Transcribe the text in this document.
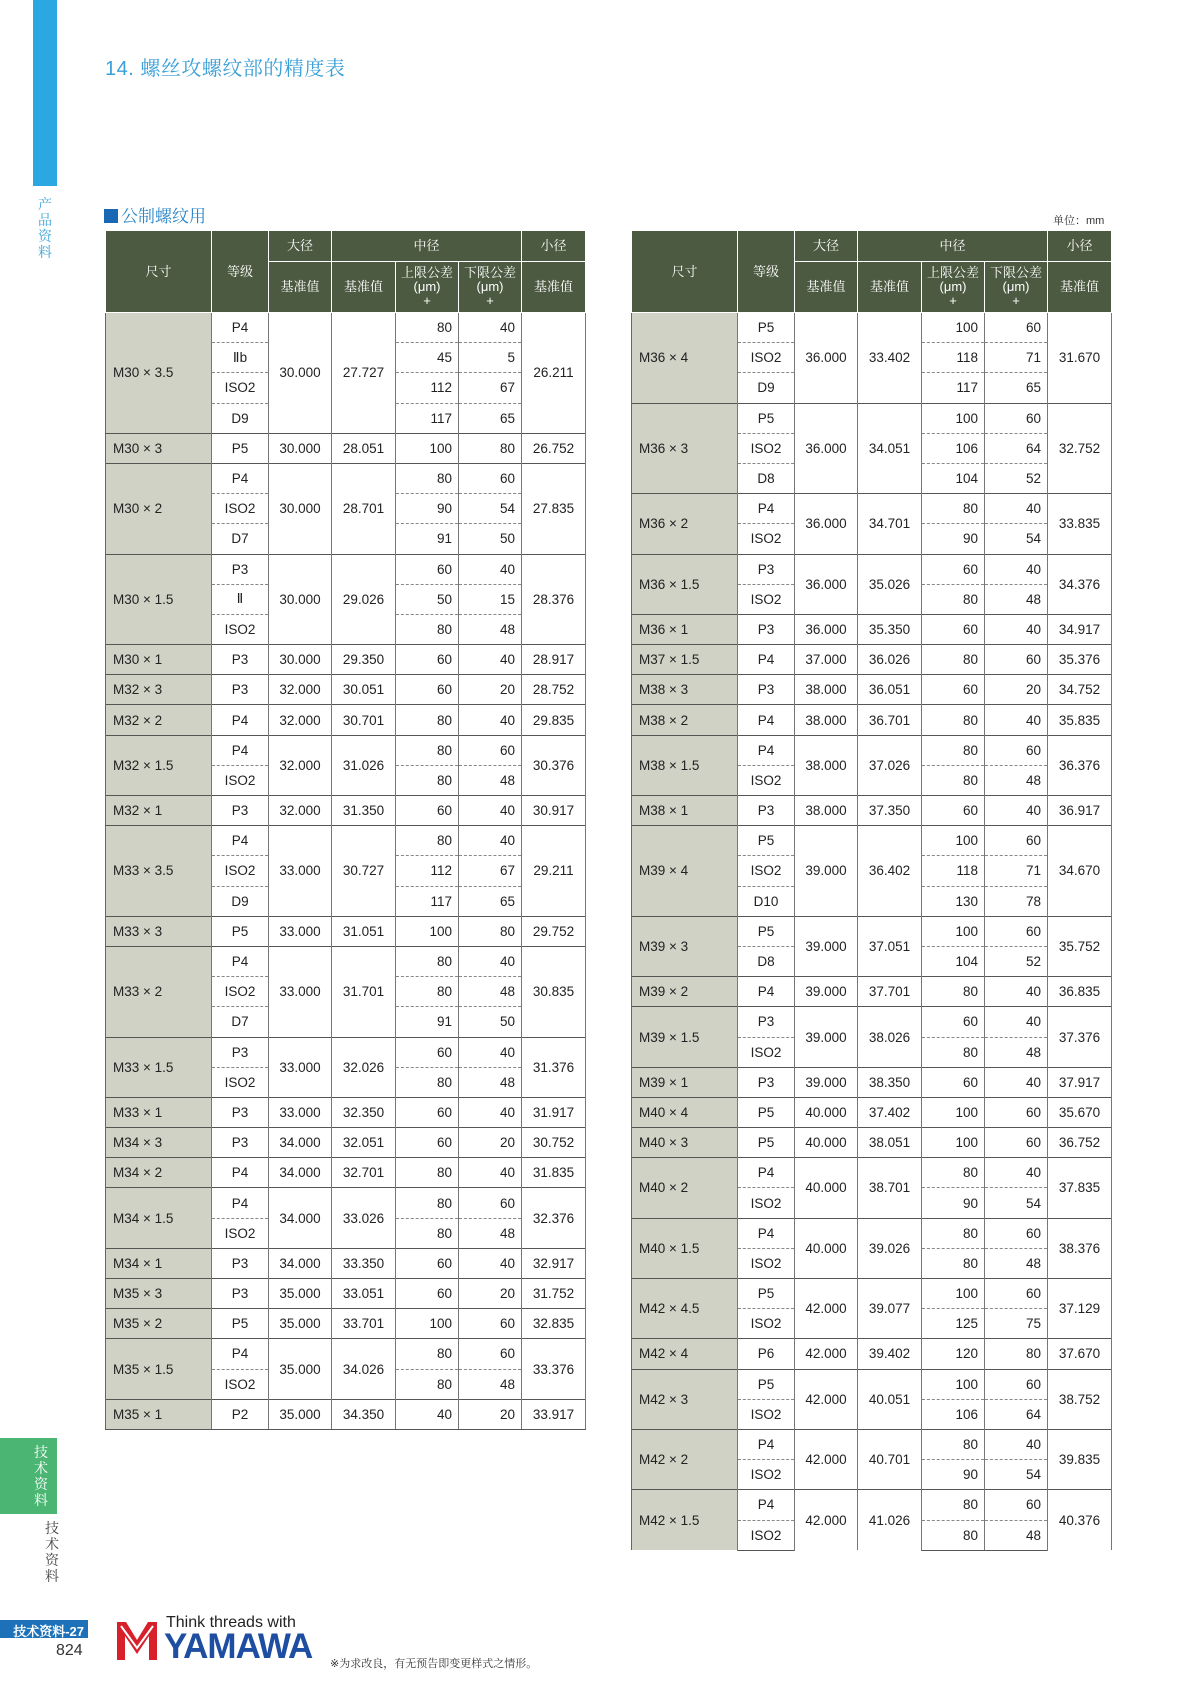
产品资料
技术资料
技术资料
14. 螺丝攻螺纹部的精度表
公制螺纹用	单位：mm
尺寸	等级	大径	中径			小径
		基准值	基准值	上限公差
(μm)
+	下限公差
(μm)
+	基准值
M30 × 3.5	P4	30.000	27.727	80	40	26.211
	Ⅱb			45	5	
	ISO2			112	67	
	D9			117	65	
M30 × 3	P5	30.000	28.051	100	80	26.752
M30 × 2	P4	30.000	28.701	80	60	27.835
	ISO2			90	54	
	D7			91	50	
M30 × 1.5	P3	30.000	29.026	60	40	28.376
	Ⅱ			50	15	
	ISO2			80	48	
M30 × 1	P3	30.000	29.350	60	40	28.917
M32 × 3	P3	32.000	30.051	60	20	28.752
M32 × 2	P4	32.000	30.701	80	40	29.835
M32 × 1.5	P4	32.000	31.026	80	60	30.376
	ISO2			80	48	
M32 × 1	P3	32.000	31.350	60	40	30.917
M33 × 3.5	P4	33.000	30.727	80	40	29.211
	ISO2			112	67	
	D9			117	65	
M33 × 3	P5	33.000	31.051	100	80	29.752
M33 × 2	P4	33.000	31.701	80	40	30.835
	ISO2			80	48	
	D7			91	50	
M33 × 1.5	P3	33.000	32.026	60	40	31.376
	ISO2			80	48	
M33 × 1	P3	33.000	32.350	60	40	31.917
M34 × 3	P3	34.000	32.051	60	20	30.752
M34 × 2	P4	34.000	32.701	80	40	31.835
M34 × 1.5	P4	34.000	33.026	80	60	32.376
	ISO2			80	48	
M34 × 1	P3	34.000	33.350	60	40	32.917
M35 × 3	P3	35.000	33.051	60	20	31.752
M35 × 2	P5	35.000	33.701	100	60	32.835
M35 × 1.5	P4	35.000	34.026	80	60	33.376
	ISO2			80	48	
M35 × 1	P2	35.000	34.350	40	20	33.917
尺寸	等级	大径	中径			小径
		基准值	基准值	上限公差
(μm)
+	下限公差
(μm)
+	基准值
M36 × 4	P5	36.000	33.402	100	60	31.670
	ISO2			118	71	
	D9			117	65	
M36 × 3	P5	36.000	34.051	100	60	32.752
	ISO2			106	64	
	D8			104	52	
M36 × 2	P4	36.000	34.701	80	40	33.835
	ISO2			90	54	
M36 × 1.5	P3	36.000	35.026	60	40	34.376
	ISO2			80	48	
M36 × 1	P3	36.000	35.350	60	40	34.917
M37 × 1.5	P4	37.000	36.026	80	60	35.376
M38 × 3	P3	38.000	36.051	60	20	34.752
M38 × 2	P4	38.000	36.701	80	40	35.835
M38 × 1.5	P4	38.000	37.026	80	60	36.376
	ISO2			80	48	
M38 × 1	P3	38.000	37.350	60	40	36.917
M39 × 4	P5	39.000	36.402	100	60	34.670
	ISO2			118	71	
	D10			130	78	
M39 × 3	P5	39.000	37.051	100	60	35.752
	D8			104	52	
M39 × 2	P4	39.000	37.701	80	40	36.835
M39 × 1.5	P3	39.000	38.026	60	40	37.376
	ISO2			80	48	
M39 × 1	P3	39.000	38.350	60	40	37.917
M40 × 4	P5	40.000	37.402	100	60	35.670
M40 × 3	P5	40.000	38.051	100	60	36.752
M40 × 2	P4	40.000	38.701	80	40	37.835
	ISO2			90	54	
M40 × 1.5	P4	40.000	39.026	80	60	38.376
	ISO2			80	48	
M42 × 4.5	P5	42.000	39.077	100	60	37.129
	ISO2			125	75	
M42 × 4	P6	42.000	39.402	120	80	37.670
M42 × 3	P5	42.000	40.051	100	60	38.752
	ISO2			106	64	
M42 × 2	P4	42.000	40.701	80	40	39.835
	ISO2			90	54	
M42 × 1.5	P4	42.000	41.026	80	60	40.376
	ISO2			80	48	
技术资料-27
824
Think threads with
YAMAWA ※为求改良，有无预告即变更样式之情形。
